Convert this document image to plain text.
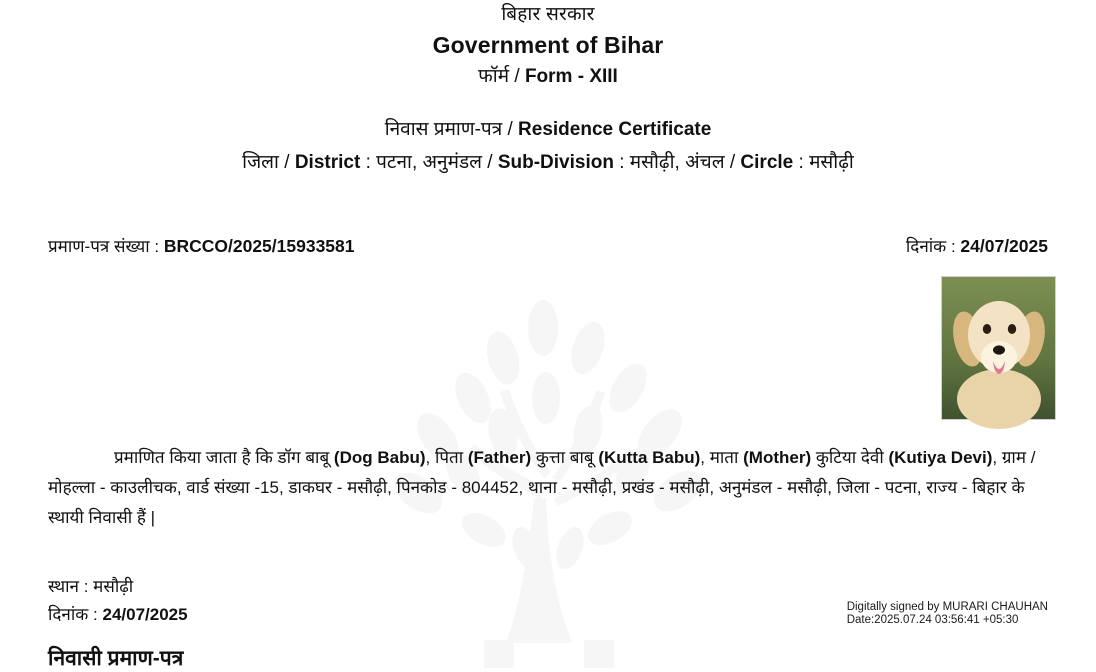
बिहार सरकार
Government of Bihar
फॉर्म / Form - XIII
निवास प्रमाण-पत्र / Residence Certificate
जिला / District : पटना, अनुमंडल / Sub-Division : मसौढ़ी, अंचल / Circle : मसौढ़ी
प्रमाण-पत्र संख्या : BRCCO/2025/15933581	दिनांक : 24/07/2025
प्रमाणित किया जाता है कि डॉग बाबू (Dog Babu), पिता (Father) कुत्ता बाबू (Kutta Babu), माता (Mother) कुटिया देवी (Kutiya Devi), ग्राम / मोहल्ला - काउलीचक, वार्ड संख्या -15, डाकघर - मसौढ़ी, पिनकोड - 804452, थाना - मसौढ़ी, प्रखंड - मसौढ़ी, अनुमंडल - मसौढ़ी, जिला - पटना, राज्य - बिहार के स्थायी निवासी हैं |
स्थान : मसौढ़ी
दिनांक : 24/07/2025	Digitally signed by MURARI CHAUHAN
Date:2025.07.24 03:56:41 +05:30
निवासी प्रमाण-पत्र
